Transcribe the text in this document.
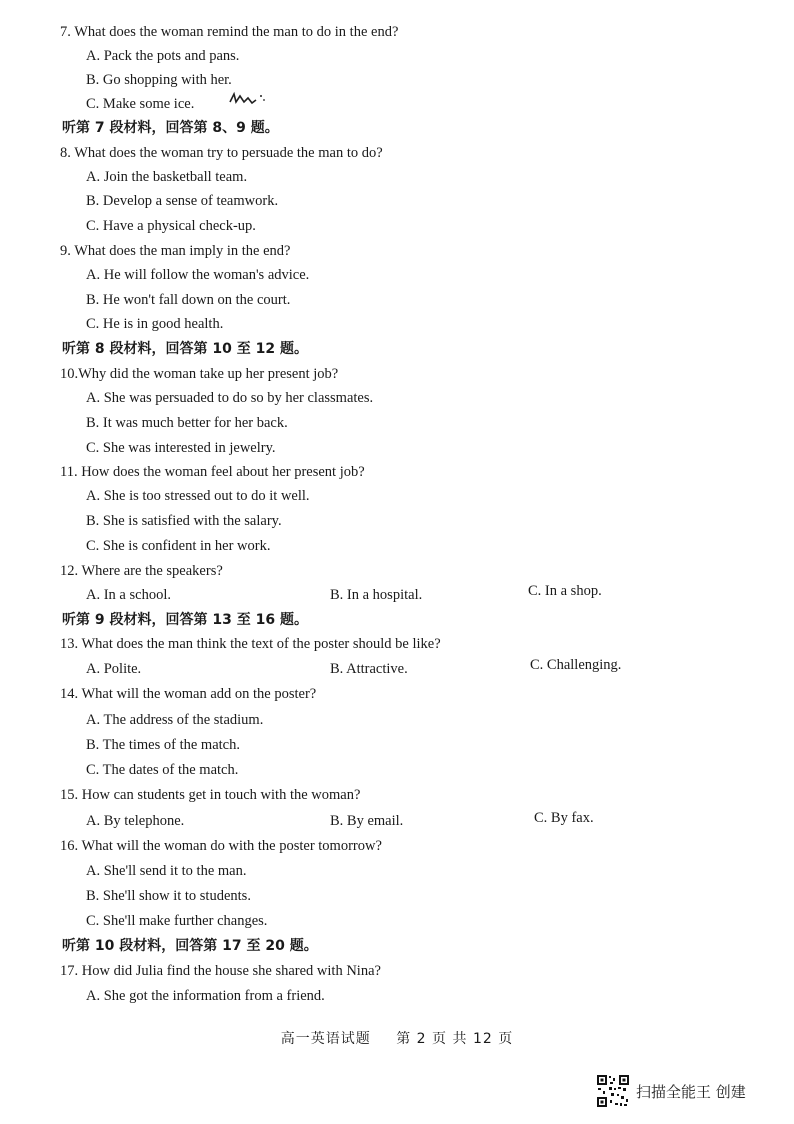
7. What does the woman remind the man to do in the end?
A. Pack the pots and pans.
B. Go shopping with her.
C. Make some ice.
听第 7 段材料，回答第 8、9 题。
8. What does the woman try to persuade the man to do?
A. Join the basketball team.
B. Develop a sense of teamwork.
C. Have a physical check-up.
9. What does the man imply in the end?
A. He will follow the woman's advice.
B. He won't fall down on the court.
C. He is in good health.
听第 8 段材料，回答第 10 至 12 题。
10.Why did the woman take up her present job?
A. She was persuaded to do so by her classmates.
B. It was much better for her back.
C. She was interested in jewelry.
11. How does the woman feel about her present job?
A. She is too stressed out to do it well.
B. She is satisfied with the salary.
C. She is confident in her work.
12. Where are the speakers?
A. In a school.	B. In a hospital.	C. In a shop.
听第 9 段材料，回答第 13 至 16 题。
13. What does the man think the text of the poster should be like?
A. Polite.	B. Attractive.	C. Challenging.
14. What will the woman add on the poster?
A. The address of the stadium.
B. The times of the match.
C. The dates of the match.
15. How can students get in touch with the woman?
A. By telephone.	B. By email.	C. By fax.
16. What will the woman do with the poster tomorrow?
A. She'll send it to the man.
B. She'll show it to students.
C. She'll make further changes.
听第 10 段材料，回答第 17 至 20 题。
17. How did Julia find the house she shared with Nina?
A. She got the information from a friend.
高一英语试题 第 2 页 共 12 页
扫描全能王 创建
